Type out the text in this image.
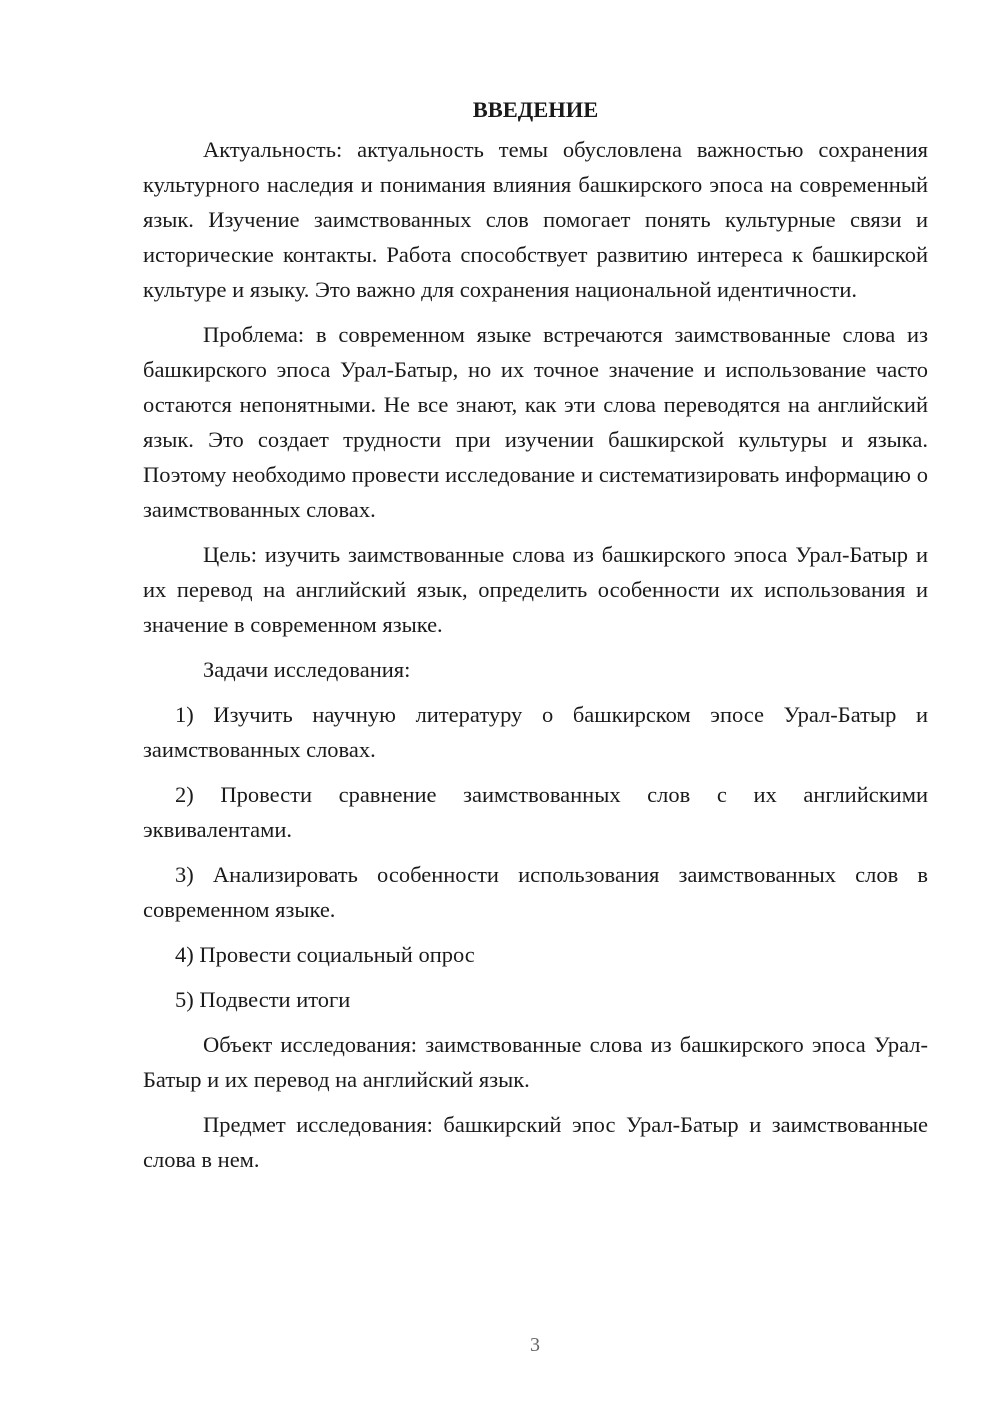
ВВЕДЕНИЕ

Актуальность: актуальность темы обусловлена важностью сохранения культурного наследия и понимания влияния башкирского эпоса на современный язык. Изучение заимствованных слов помогает понять культурные связи и исторические контакты. Работа способствует развитию интереса к башкирской культуре и языку. Это важно для сохранения национальной идентичности.

Проблема: в современном языке встречаются заимствованные слова из башкирского эпоса Урал-Батыр, но их точное значение и использование часто остаются непонятными. Не все знают, как эти слова переводятся на английский язык. Это создает трудности при изучении башкирской культуры и языка. Поэтому необходимо провести исследование и систематизировать информацию о заимствованных словах.

Цель: изучить заимствованные слова из башкирского эпоса Урал-Батыр и их перевод на английский язык, определить особенности их использования и значение в современном языке.

Задачи исследования:

1) Изучить научную литературу о башкирском эпосе Урал-Батыр и заимствованных словах.

2) Провести сравнение заимствованных слов с их английскими эквивалентами.

3) Анализировать особенности использования заимствованных слов в современном языке.

4) Провести социальный опрос

5) Подвести итоги

Объект исследования: заимствованные слова из башкирского эпоса Урал-Батыр и их перевод на английский язык.

Предмет исследования: башкирский эпос Урал-Батыр и заимствованные слова в нем.

3
